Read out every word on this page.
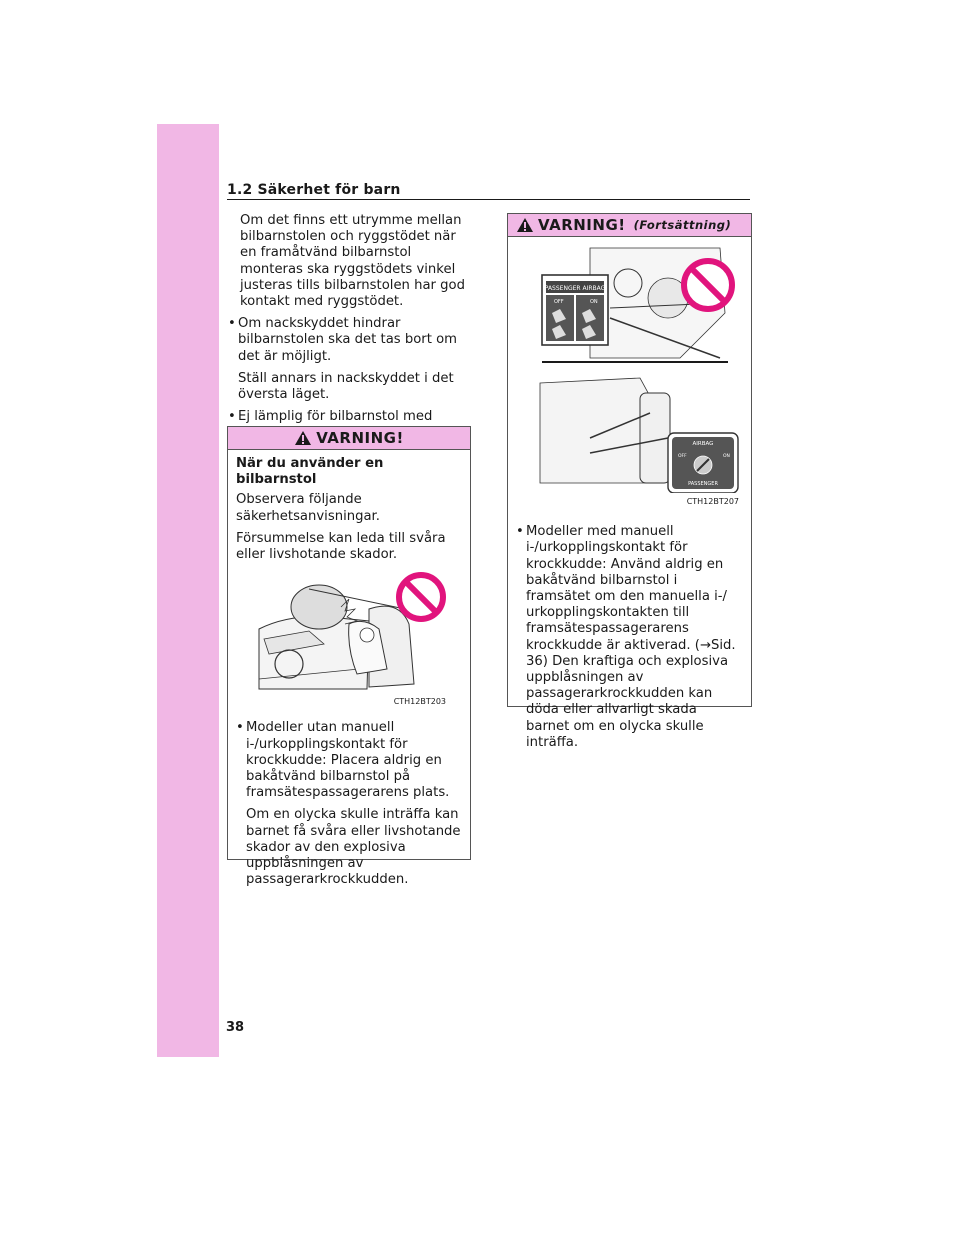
1.2 Säkerhet för barn

Om det finns ett utrymme mellan bilbarnstolen och ryggstödet när en framåtvänd bilbarnstol monteras ska ryggstödets vinkel justeras tills bilbarnstolen har god kontakt med ryggstödet.

• Om nackskyddet hindrar bilbarnstolen ska det tas bort om det är möjligt.

Ställ annars in nackskyddet i det översta läget.

• Ej lämplig för bilbarnstol med

VARNING!

När du använder en bilbarnstol

Observera följande säkerhetsanvisningar.

Försummelse kan leda till svåra eller livshotande skador.

CTH12BT203
• Modeller utan manuell i-/urkopplingskontakt för krockkudde: Placera aldrig en bakåtvänd bilbarnstol på framsätespassagerarens plats.

Om en olycka skulle inträffa kan barnet få svåra eller livshotande skador av den explosiva uppblåsningen av passagerarkrockkudden.

VARNING! (Fortsättning)
PASSENGER AIRBAG
OFF	ON
AIRBAG
OFF	ON
PASSENGER
CTH12BT207
• Modeller med manuell i-/urkopplingskontakt för krockkudde: Använd aldrig en bakåtvänd bilbarnstol i framsätet om den manuella i-/ urkopplingskontakten till framsätespassagerarens krockkudde är aktiverad. (→Sid. 36) Den kraftiga och explosiva uppblåsningen av passagerarkrockkudden kan döda eller allvarligt skada barnet om en olycka skulle inträffa.

38
